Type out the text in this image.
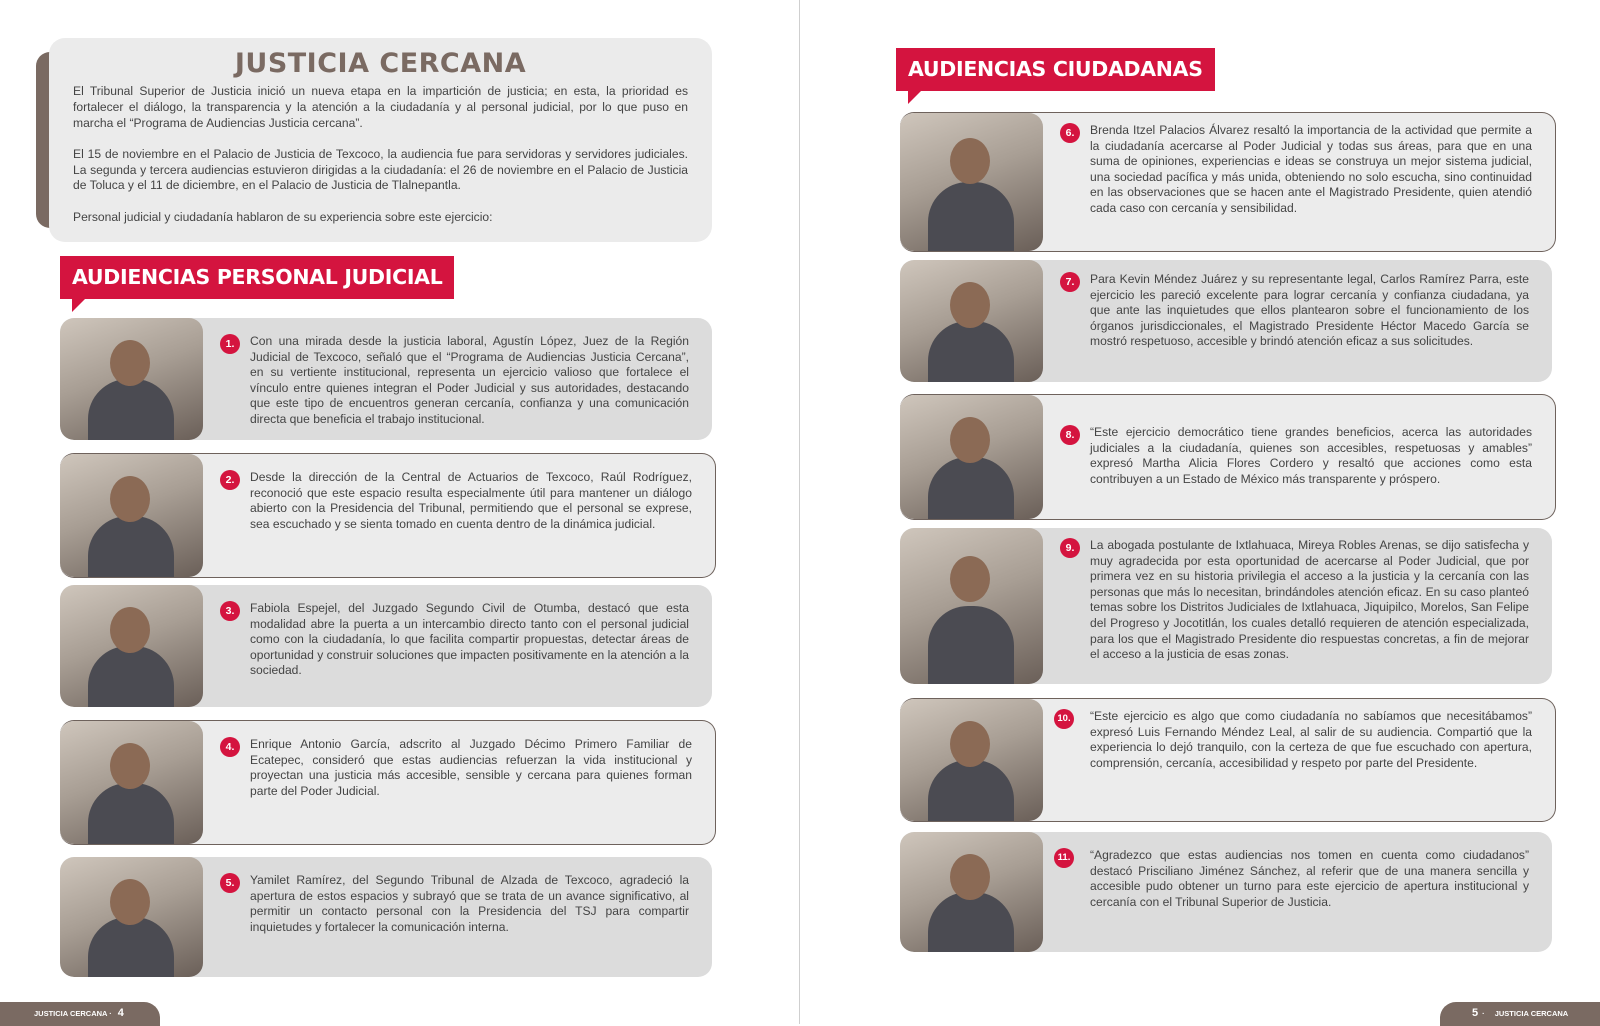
JUSTICIA CERCANA

El Tribunal Superior de Justicia inició un nueva etapa en la impartición de justicia; en esta, la prioridad es fortalecer el diálogo, la transparencia y la atención a la ciudadanía y al personal judicial, por lo que puso en marcha el “Programa de Audiencias Justicia cercana”.

El 15 de noviembre en el Palacio de Justicia de Texcoco, la audiencia fue para servidoras y servidores judiciales. La segunda y tercera audiencias estuvieron dirigidas a la ciudadanía: el 26 de noviembre en el Palacio de Justicia de Toluca y el 11 de diciembre, en el Palacio de Justicia de Tlalnepantla.

Personal judicial y ciudadanía hablaron de su experiencia sobre este ejercicio:

AUDIENCIAS PERSONAL JUDICIAL
AUDIENCIAS CIUDADANAS
1.	Con una mirada desde la justicia laboral, Agustín López, Juez de la Región Judicial de Texcoco, señaló que el “Programa de Audiencias Justicia Cercana”, en su vertiente institucional, representa un ejercicio valioso que fortalece el vínculo entre quienes integran el Poder Judicial y sus autoridades, destacando que este tipo de encuentros generan cercanía, confianza y una comunicación directa que beneficia el trabajo institucional.
2.	Desde la dirección de la Central de Actuarios de Texcoco, Raúl Rodríguez, reconoció que este espacio resulta especialmente útil para mantener un diálogo abierto con la Presidencia del Tribunal, permitiendo que el personal se exprese, sea escuchado y se sienta tomado en cuenta dentro de la dinámica judicial.
3.	Fabiola Espejel, del Juzgado Segundo Civil de Otumba, destacó que esta modalidad abre la puerta a un intercambio directo tanto con el personal judicial como con la ciudadanía, lo que facilita compartir propuestas, detectar áreas de oportunidad y construir soluciones que impacten positivamente en la atención a la sociedad.
4.	Enrique Antonio García, adscrito al Juzgado Décimo Primero Familiar de Ecatepec, consideró que estas audiencias refuerzan la vida institucional y proyectan una justicia más accesible, sensible y cercana para quienes forman parte del Poder Judicial.
5.	Yamilet Ramírez, del Segundo Tribunal de Alzada de Texcoco, agradeció la apertura de estos espacios y subrayó que se trata de un avance significativo, al permitir un contacto personal con la Presidencia del TSJ para compartir inquietudes y fortalecer la comunicación interna.
6.	Brenda Itzel Palacios Álvarez resaltó la importancia de la actividad que permite a la ciudadanía acercarse al Poder Judicial y todas sus áreas, para que en una suma de opiniones, experiencias e ideas se construya un mejor sistema judicial, una sociedad pacífica y más unida, obteniendo no solo escucha, sino continuidad en las observaciones que se hacen ante el Magistrado Presidente, quien atendió cada caso con cercanía y sensibilidad.
7.	Para Kevin Méndez Juárez y su representante legal, Carlos Ramírez Parra, este ejercicio les pareció excelente para lograr cercanía y confianza ciudadana, ya que ante las inquietudes que ellos plantearon sobre el funcionamiento de los órganos jurisdiccionales, el Magistrado Presidente Héctor Macedo García se mostró respetuoso, accesible y brindó atención eficaz a sus solicitudes.
8.	“Este ejercicio democrático tiene grandes beneficios, acerca las autoridades judiciales a la ciudadanía, quienes son accesibles, respetuosas y amables” expresó Martha Alicia Flores Cordero y resaltó que acciones como esta contribuyen a un Estado de México más transparente y próspero.
9.	La abogada postulante de Ixtlahuaca, Mireya Robles Arenas, se dijo satisfecha y muy agradecida por esta oportunidad de acercarse al Poder Judicial, que por primera vez en su historia privilegia el acceso a la justicia y la cercanía con las personas que más lo necesitan, brindándoles atención eficaz. En su caso planteó temas sobre los Distritos Judiciales de Ixtlahuaca, Jiquipilco, Morelos, San Felipe del Progreso y Jocotitlán, los cuales detalló requieren de atención especializada, para los que el Magistrado Presidente dio respuestas concretas, a fin de mejorar el acceso a la justicia de esas zonas.
10. “Este ejercicio es algo que como ciudadanía no sabíamos que necesitábamos” expresó Luis Fernando Méndez Leal, al salir de su audiencia. Compartió que la experiencia lo dejó tranquilo, con la certeza de que fue escuchado con apertura, comprensión, cercanía, accesibilidad y respeto por parte del Presidente.
11.	“Agradezco que estas audiencias nos tomen en cuenta como ciudadanos” destacó Prisciliano Jiménez Sánchez, al referir que de una manera sencilla y accesible pudo obtener un turno para este ejercicio de apertura institucional y cercanía con el Tribunal Superior de Justicia.
JUSTICIA CERCANA · 4	5 · JUSTICIA CERCANA
